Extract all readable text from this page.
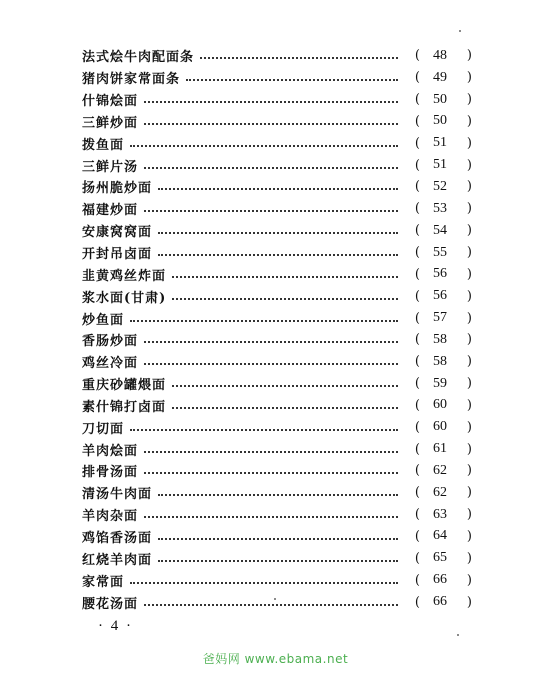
法式烩牛肉配面条	( 48	)
猪肉饼家常面条	( 49	)
什锦烩面	( 50	)
三鲜炒面	( 50	)
拨鱼面	( 51	)
三鲜片汤	( 51	)
扬州脆炒面	( 52	)
福建炒面	( 53	)
安康窝窝面	( 54	)
开封吊卤面	( 55	)
韭黄鸡丝炸面	( 56	)
浆水面(甘肃)	( 56	)
炒鱼面	( 57	)
香肠炒面	( 58	)
鸡丝冷面	( 58	)
重庆砂罐煨面	( 59	)
素什锦打卤面	( 60	)
刀切面	( 60	)
羊肉烩面	( 61	)
排骨汤面	( 62	)
清汤牛肉面	( 62	)
羊肉杂面	( 63	)
鸡馅香汤面	( 64	)
红烧羊肉面	( 65	)
家常面	( 66	)
腰花汤面	( 66	)
· 4 ·
爸妈网 www.ebama.net
